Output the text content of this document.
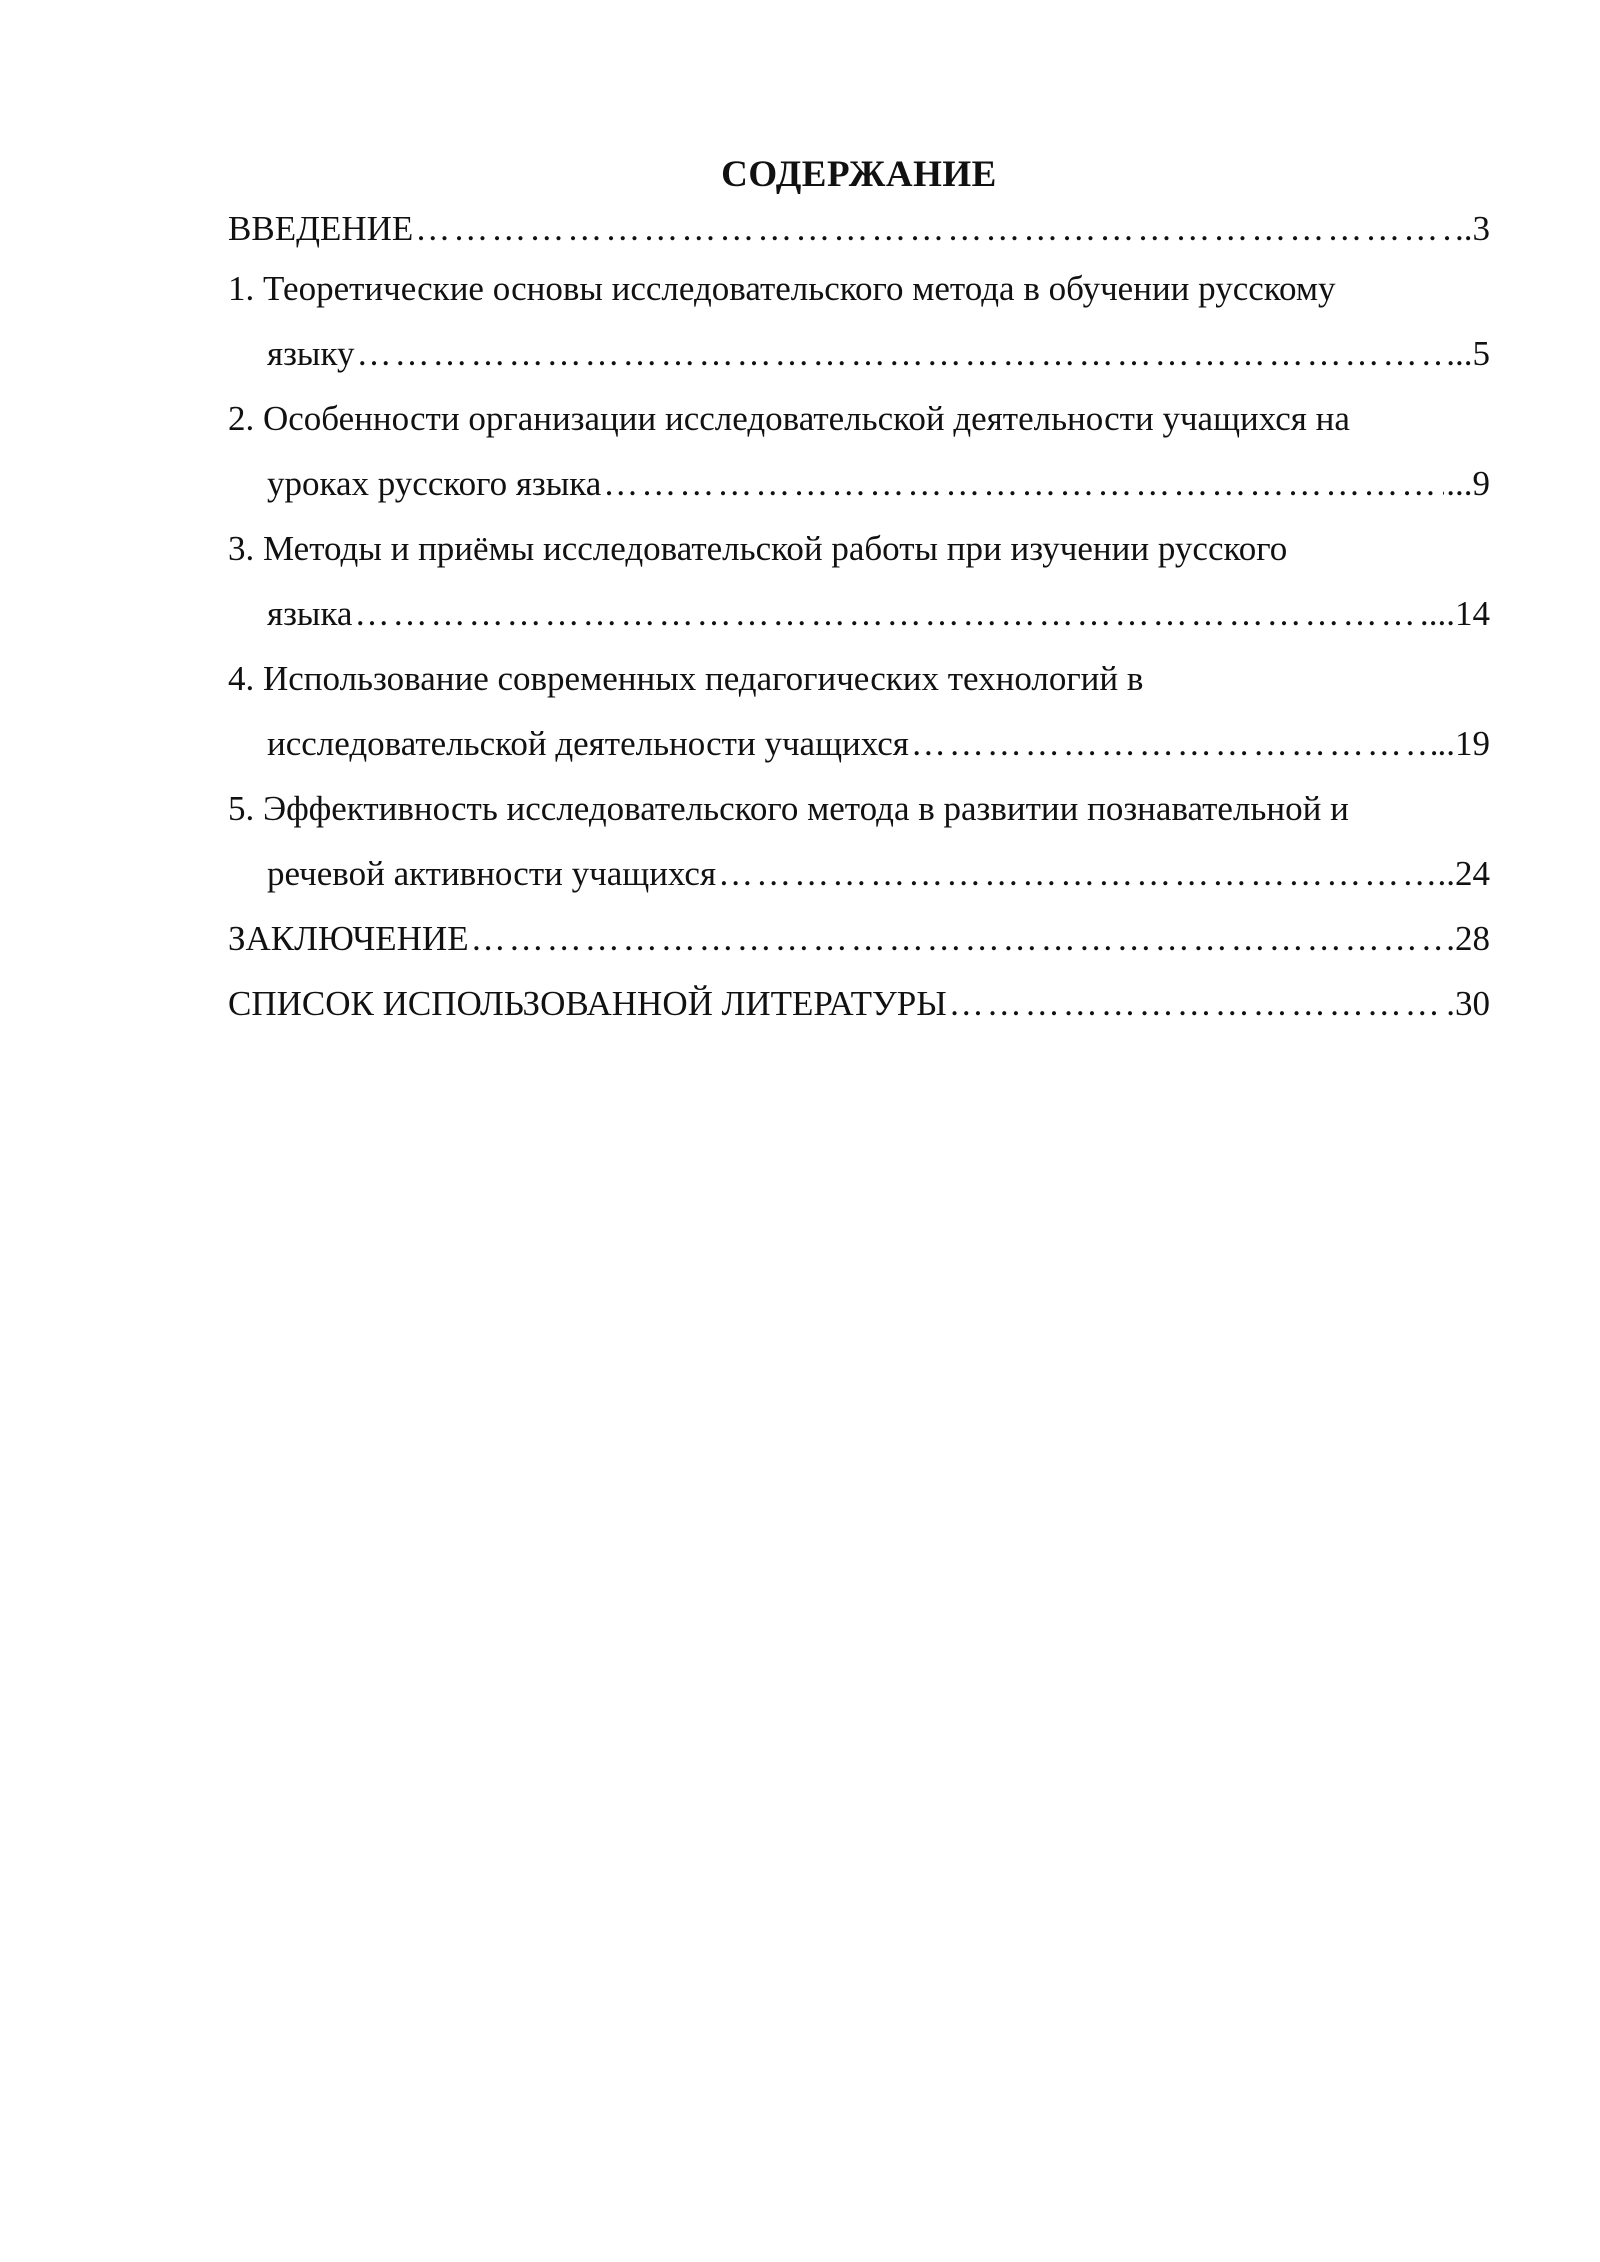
СОДЕРЖАНИЕ
ВВЕДЕНИЕ ………………………………………………………………………………………………………………………………………………	..3
1. Теоретические основы исследовательского метода в обучении русскому
языку ………………………………………………………………………………………………………………………………………………	...5
2. Особенности организации исследовательской деятельности учащихся на
уроках русского языка ………………………………………………………………………………………………………………………………………………	...9
3. Методы и приёмы исследовательской работы при изучении русского
языка ………………………………………………………………………………………………………………………………………………	...14
4. Использование современных педагогических технологий в
исследовательской деятельности учащихся ………………………………………………………………………………………………………………………………………………	..19
5. Эффективность исследовательского метода в развитии познавательной и
речевой активности учащихся ………………………………………………………………………………………………………………………………………………	..24
ЗАКЛЮЧЕНИЕ ………………………………………………………………………………………………………………………………………………	.28
СПИСОК ИСПОЛЬЗОВАННОЙ ЛИТЕРАТУРЫ ………………………………………………………………………………………………………………………………………………	.30
